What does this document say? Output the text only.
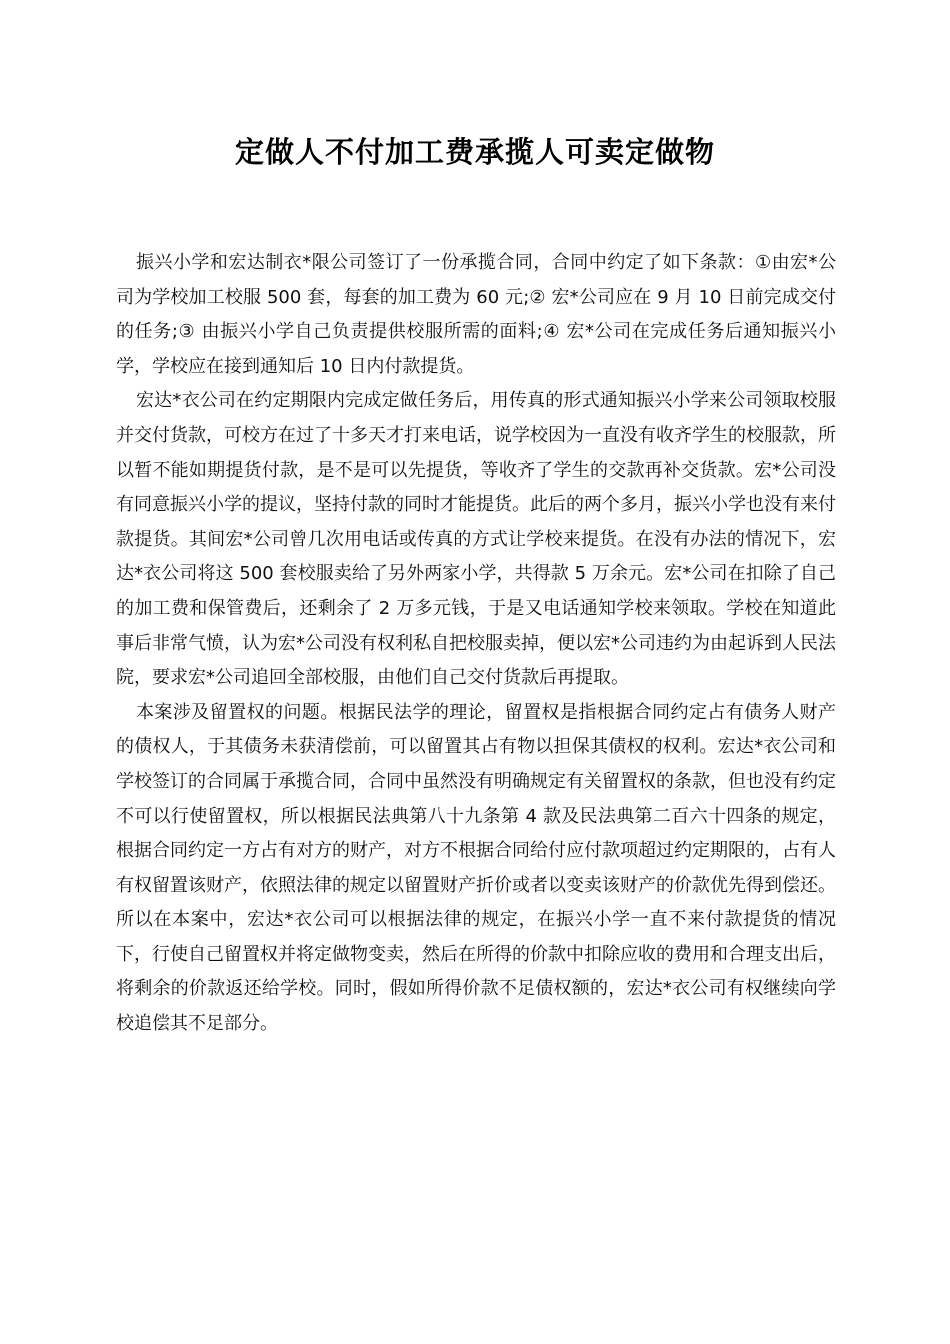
定做人不付加工费承揽人可卖定做物

振兴小学和宏达制衣*限公司签订了一份承揽合同，合同中约定了如下条款：①由宏*公司为学校加工校服 500 套，每套的加工费为 60 元;② 宏*公司应在 9 月 10 日前完成交付的任务;③ 由振兴小学自己负责提供校服所需的面料;④ 宏*公司在完成任务后通知振兴小学，学校应在接到通知后 10 日内付款提货。

宏达*衣公司在约定期限内完成定做任务后，用传真的形式通知振兴小学来公司领取校服并交付货款，可校方在过了十多天才打来电话，说学校因为一直没有收齐学生的校服款，所以暂不能如期提货付款，是不是可以先提货，等收齐了学生的交款再补交货款。宏*公司没有同意振兴小学的提议，坚持付款的同时才能提货。此后的两个多月，振兴小学也没有来付款提货。其间宏*公司曾几次用电话或传真的方式让学校来提货。在没有办法的情况下，宏达*衣公司将这 500 套校服卖给了另外两家小学，共得款 5 万余元。宏*公司在扣除了自己的加工费和保管费后，还剩余了 2 万多元钱，于是又电话通知学校来领取。学校在知道此事后非常气愤，认为宏*公司没有权利私自把校服卖掉，便以宏*公司违约为由起诉到人民法院，要求宏*公司追回全部校服，由他们自己交付货款后再提取。

本案涉及留置权的问题。根据民法学的理论，留置权是指根据合同约定占有债务人财产的债权人，于其债务未获清偿前，可以留置其占有物以担保其债权的权利。宏达*衣公司和学校签订的合同属于承揽合同，合同中虽然没有明确规定有关留置权的条款，但也没有约定不可以行使留置权，所以根据民法典第八十九条第 4 款及民法典第二百六十四条的规定，根据合同约定一方占有对方的财产，对方不根据合同给付应付款项超过约定期限的，占有人有权留置该财产，依照法律的规定以留置财产折价或者以变卖该财产的价款优先得到偿还。所以在本案中，宏达*衣公司可以根据法律的规定，在振兴小学一直不来付款提货的情况下，行使自己留置权并将定做物变卖，然后在所得的价款中扣除应收的费用和合理支出后，将剩余的价款返还给学校。同时，假如所得价款不足债权额的，宏达*衣公司有权继续向学校追偿其不足部分。
